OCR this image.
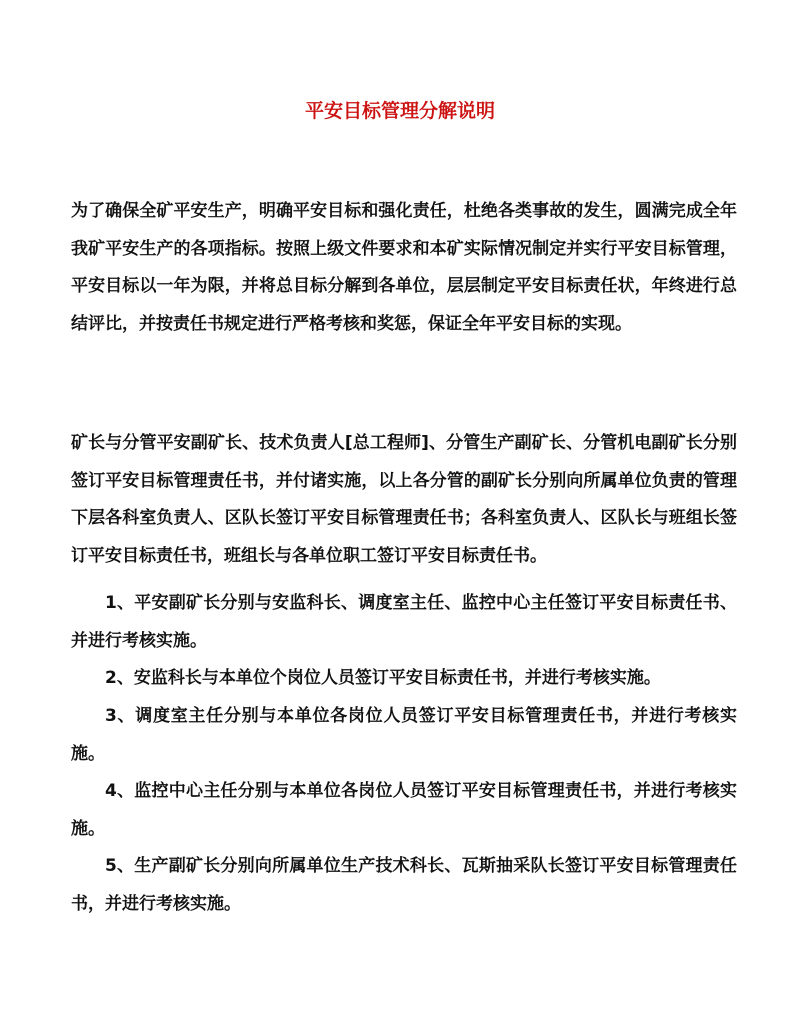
平安目标管理分解说明
为了确保全矿平安生产，明确平安目标和强化责任，杜绝各类事故的发生，圆满完成全年我矿平安生产的各项指标。按照上级文件要求和本矿实际情况制定并实行平安目标管理，平安目标以一年为限，并将总目标分解到各单位，层层制定平安目标责任状，年终进行总结评比，并按责任书规定进行严格考核和奖惩，保证全年平安目标的实现。
矿长与分管平安副矿长、技术负责人[总工程师]、分管生产副矿长、分管机电副矿长分别签订平安目标管理责任书，并付诸实施，以上各分管的副矿长分别向所属单位负责的管理下层各科室负责人、区队长签订平安目标管理责任书；各科室负责人、区队长与班组长签订平安目标责任书，班组长与各单位职工签订平安目标责任书。
1、平安副矿长分别与安监科长、调度室主任、监控中心主任签订平安目标责任书、并进行考核实施。
2、安监科长与本单位个岗位人员签订平安目标责任书，并进行考核实施。
3、调度室主任分别与本单位各岗位人员签订平安目标管理责任书，并进行考核实施。
4、监控中心主任分别与本单位各岗位人员签订平安目标管理责任书，并进行考核实施。
5、生产副矿长分别向所属单位生产技术科长、瓦斯抽采队长签订平安目标管理责任书，并进行考核实施。
